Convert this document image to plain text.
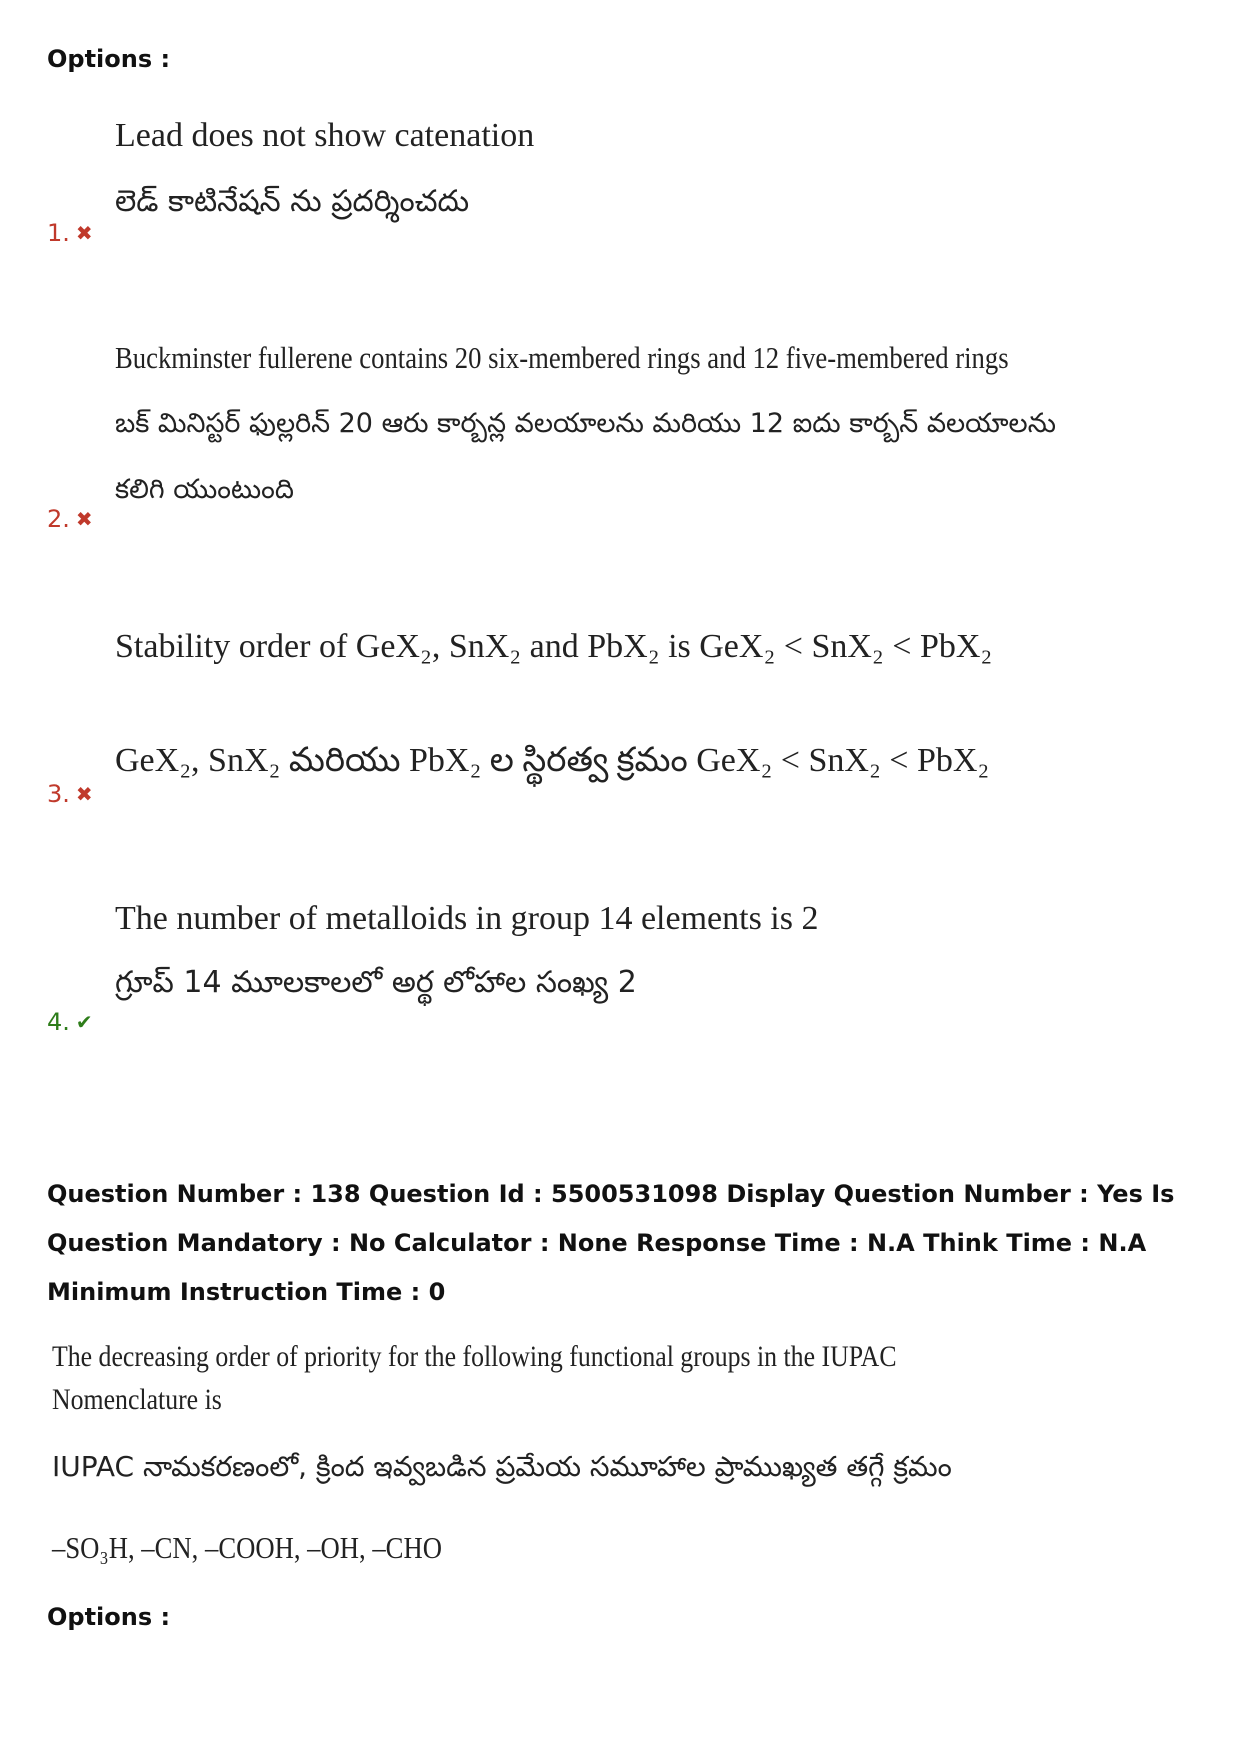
Options :
Lead does not show catenation
లెడ్ కాటినేషన్ ను ప్రదర్శించదు
1. ✖
Buckminster fullerene contains 20 six-membered rings and 12 five-membered rings
బక్ మినిస్టర్ ఫుల్లరిన్ 20 ఆరు కార్బన్ల వలయాలను మరియు 12 ఐదు కార్బన్ వలయాలను
కలిగి యుంటుంది
2. ✖
Stability order of GeX₂, SnX₂ and PbX₂ is GeX₂ < SnX₂ < PbX₂
GeX₂, SnX₂ మరియు PbX₂ ల స్థిరత్వ క్రమం GeX₂ < SnX₂ < PbX₂
3. ✖
The number of metalloids in group 14 elements is 2
గ్రూప్ 14 మూలకాలలో అర్థ లోహాల సంఖ్య 2
4. ✔
Question Number : 138 Question Id : 5500531098 Display Question Number : Yes Is Question Mandatory : No Calculator : None Response Time : N.A Think Time : N.A Minimum Instruction Time : 0
The decreasing order of priority for the following functional groups in the IUPAC
Nomenclature is
IUPAC నామకరణంలో, క్రింద ఇవ్వబడిన ప్రమేయ సమూహాల ప్రాముఖ్యత తగ్గే క్రమం
–SO₃H, –CN, –COOH, –OH, –CHO
Options :
